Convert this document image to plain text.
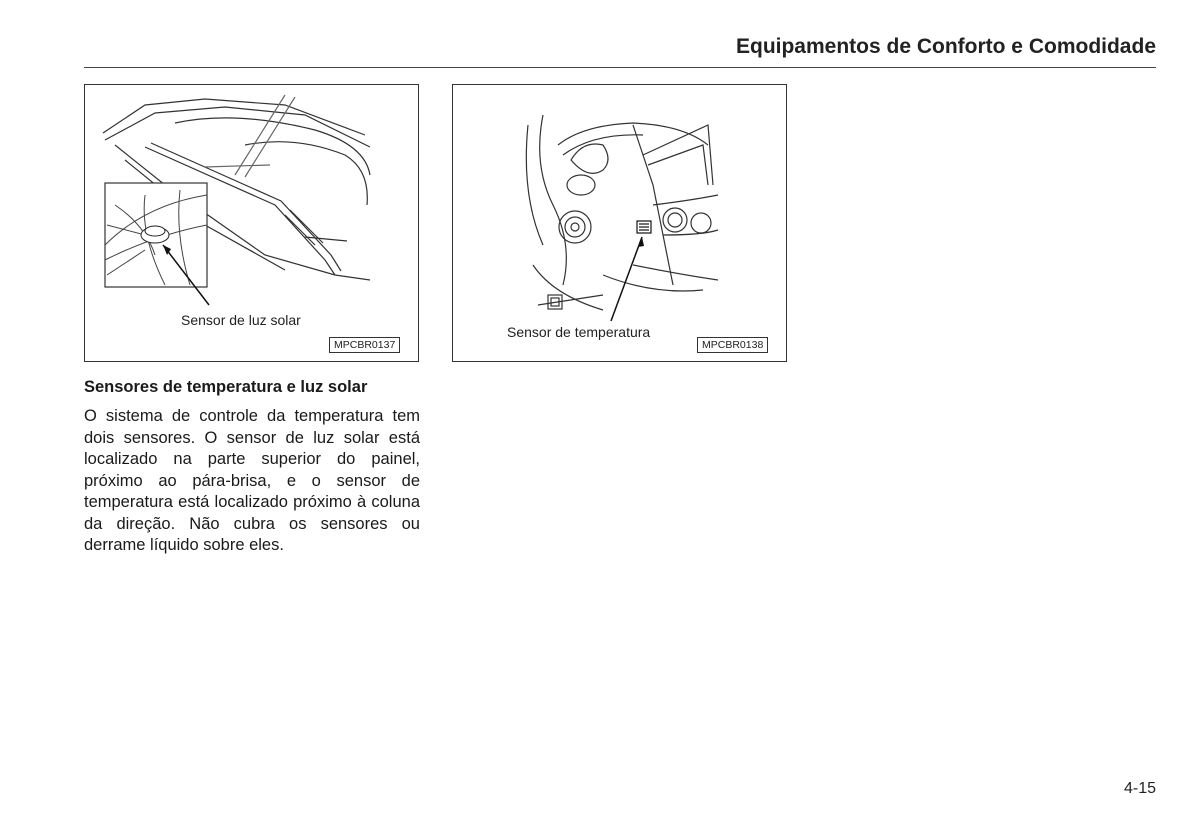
Equipamentos de Conforto e Comodidade
Sensor de luz solar
MPCBR0137
Sensor de temperatura
MPCBR0138
Sensores de temperatura e luz solar
O sistema de controle da temperatura tem dois sensores. O sensor de luz solar está localizado na parte superior do painel, próximo ao pára-brisa, e o sensor de temperatura está localizado próximo à coluna da direção. Não cubra os sensores ou derrame líquido sobre eles.
4-15
